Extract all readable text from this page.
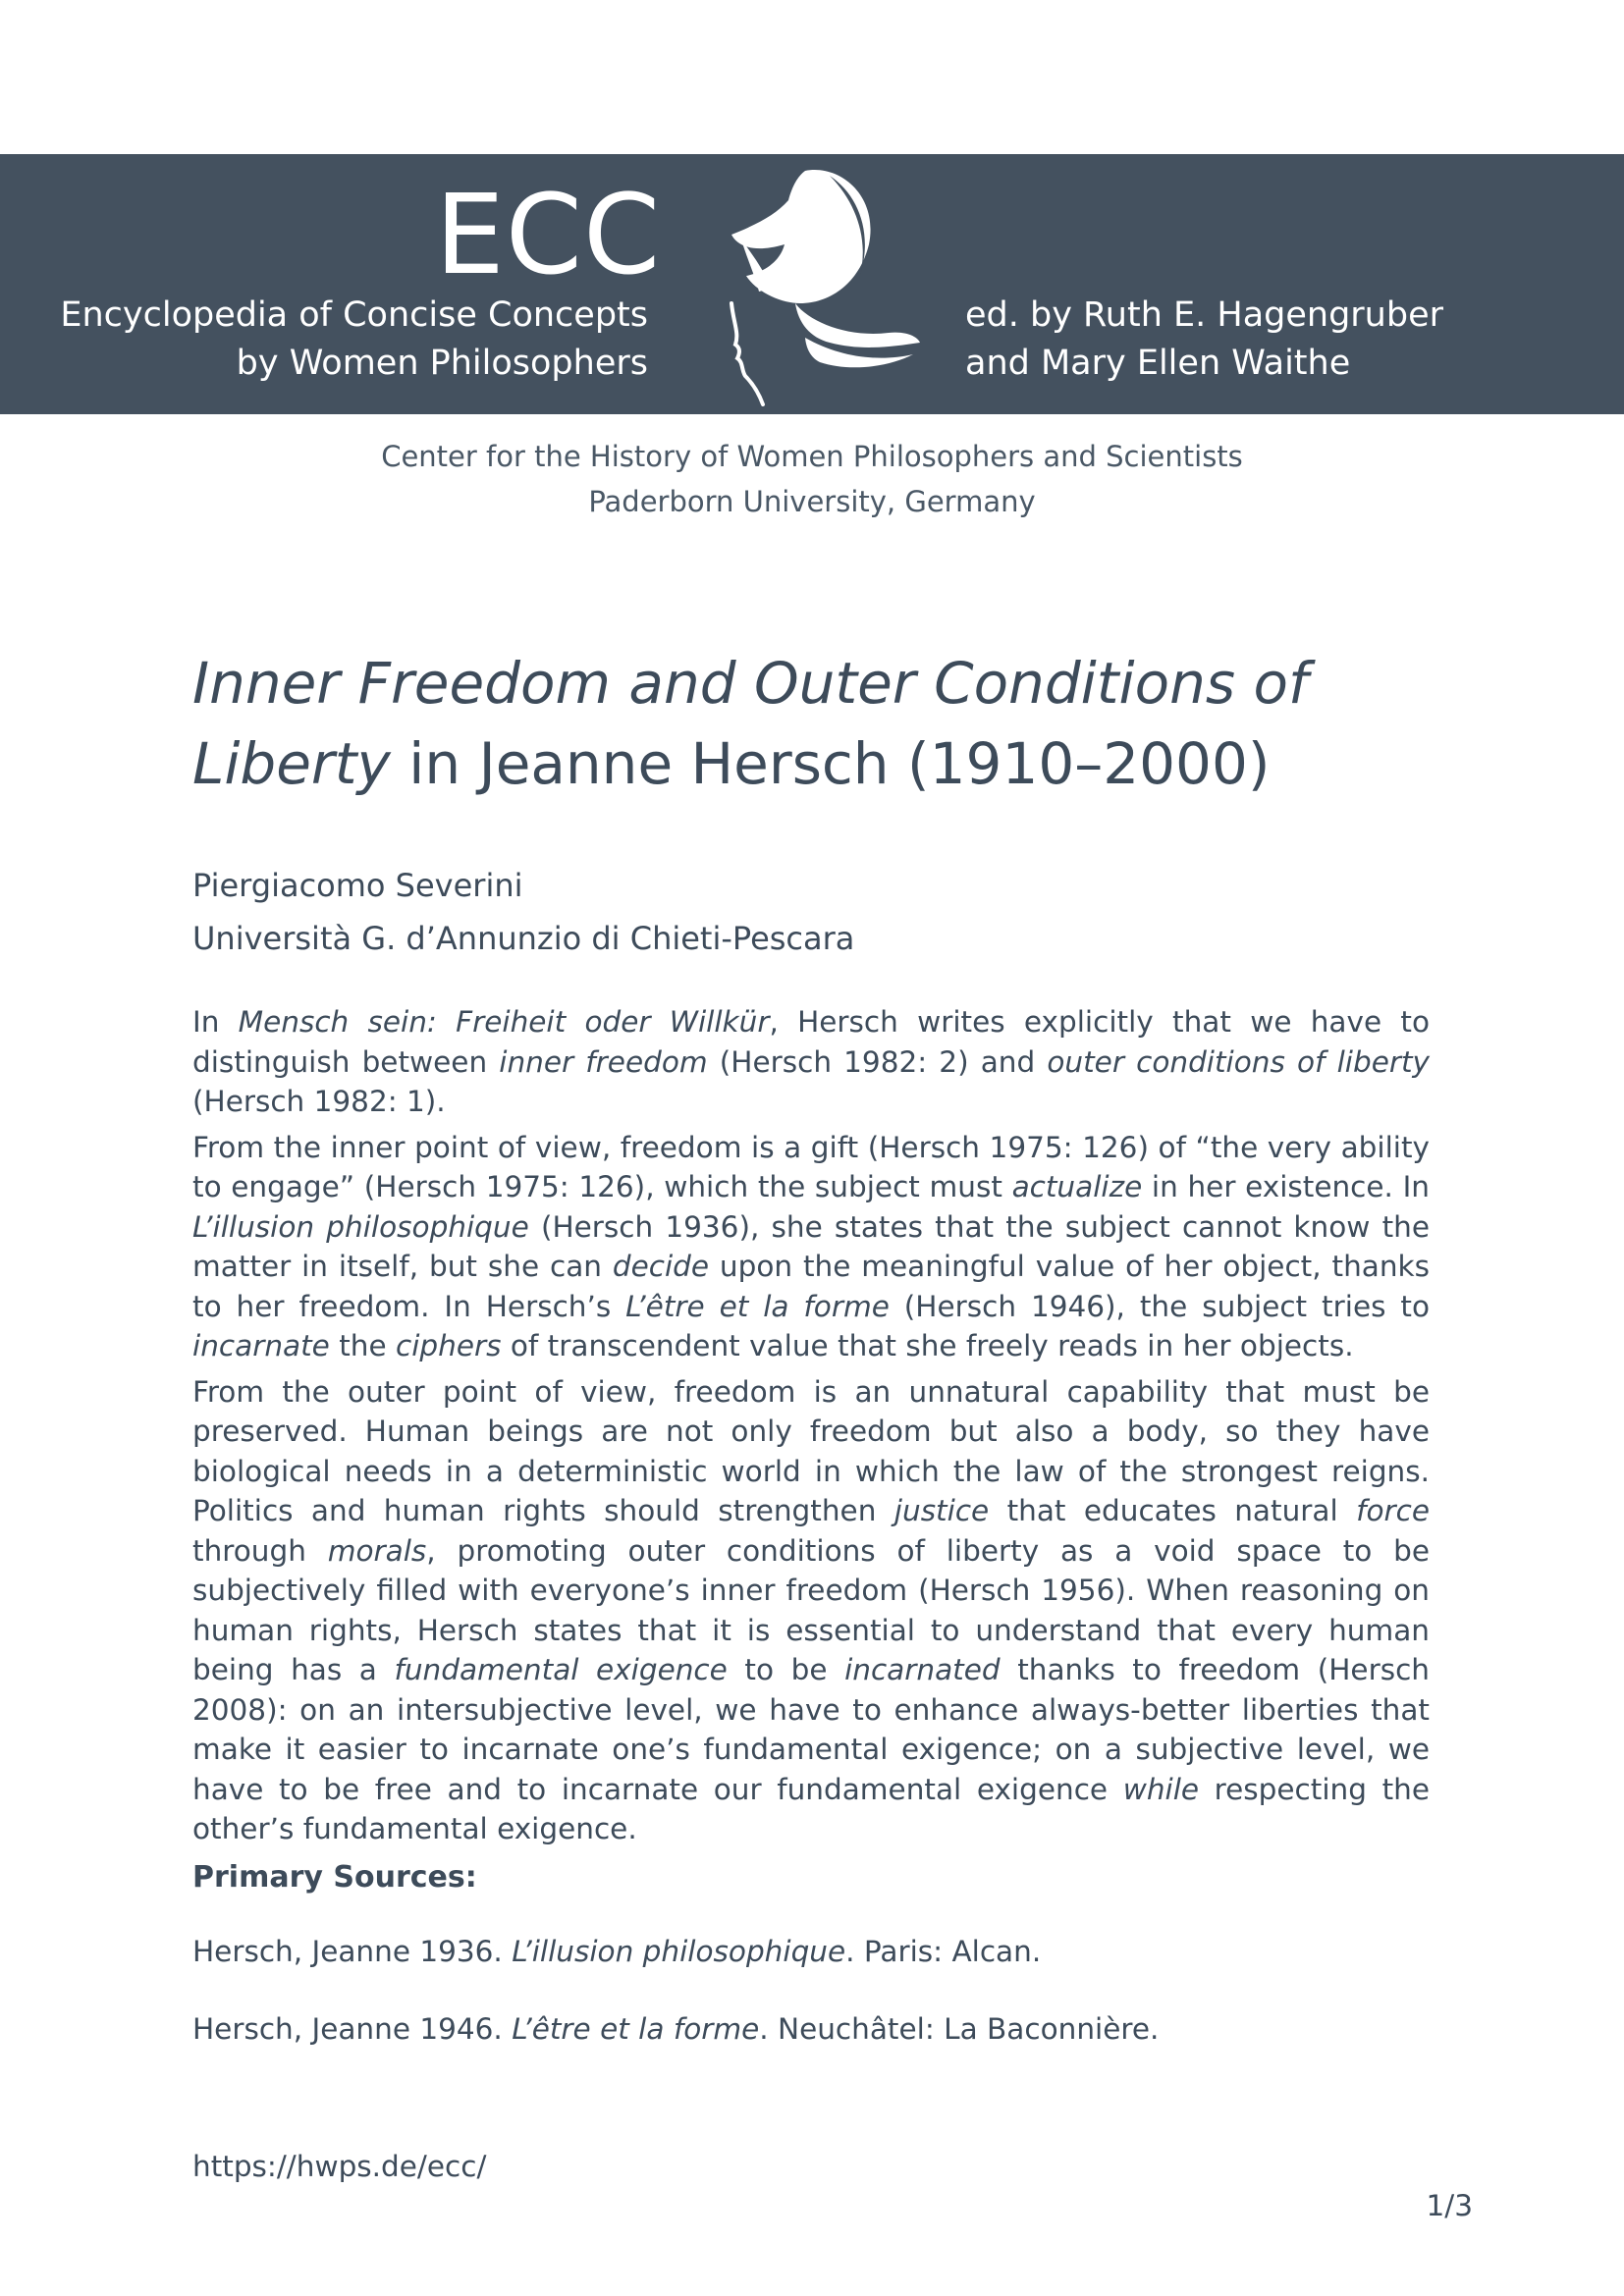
ECC
Encyclopedia of Concise Concepts
by Women Philosophers
ed. by Ruth E. Hagengruber
and Mary Ellen Waithe
Center for the History of Women Philosophers and Scientists
Paderborn University, Germany
Inner Freedom and Outer Conditions of Liberty in Jeanne Hersch (1910–2000)
Piergiacomo Severini
Università G. d’Annunzio di Chieti-Pescara

In Mensch sein: Freiheit oder Willkür, Hersch writes explicitly that we have to distinguish between inner freedom (Hersch 1982: 2) and outer conditions of liberty (Hersch 1982: 1).

From the inner point of view, freedom is a gift (Hersch 1975: 126) of “the very ability to engage” (Hersch 1975: 126), which the subject must actualize in her existence. In L’illusion philosophique (Hersch 1936), she states that the subject cannot know the matter in itself, but she can decide upon the meaningful value of her object, thanks to her freedom. In Hersch’s L’être et la forme (Hersch 1946), the subject tries to incarnate the ciphers of transcendent value that she freely reads in her objects.

From the outer point of view, freedom is an unnatural capability that must be preserved. Human beings are not only freedom but also a body, so they have biological needs in a deterministic world in which the law of the strongest reigns. Politics and human rights should strengthen justice that educates natural force through morals, promoting outer conditions of liberty as a void space to be subjectively filled with everyone’s inner freedom (Hersch 1956). When reasoning on human rights, Hersch states that it is essential to understand that every human being has a fundamental exigence to be incarnated thanks to freedom (Hersch 2008): on an intersubjective level, we have to enhance always-better liberties that make it easier to incarnate one’s fundamental exigence; on a subjective level, we have to be free and to incarnate our fundamental exigence while respecting the other’s fundamental exigence.

Primary Sources:
Hersch, Jeanne 1936. L’illusion philosophique. Paris: Alcan.
Hersch, Jeanne 1946. L’être et la forme. Neuchâtel: La Baconnière.
https://hwps.de/ecc/
1/3
